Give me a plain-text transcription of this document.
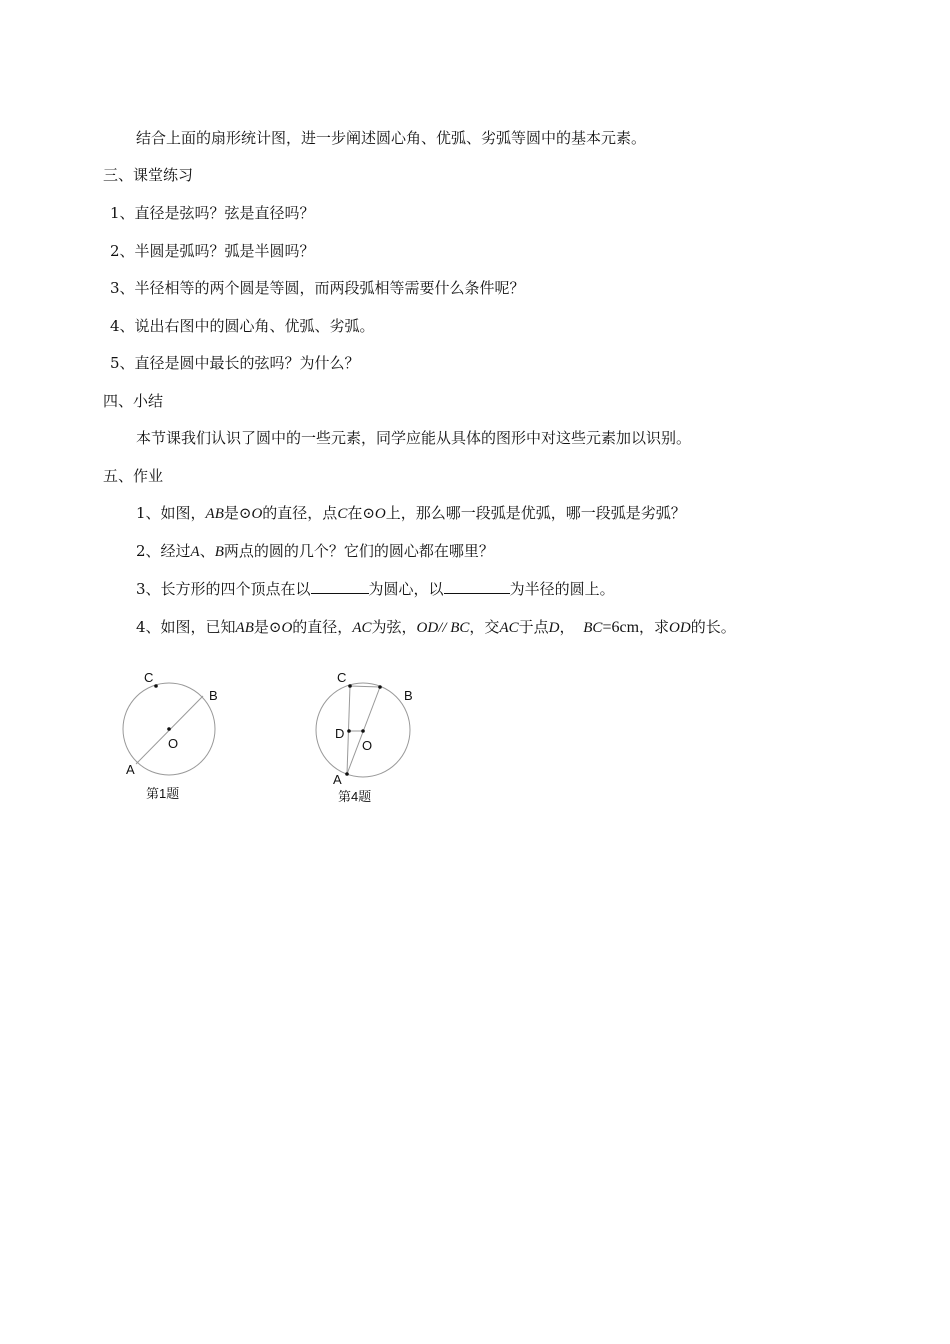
结合上面的扇形统计图，进一步阐述圆心角、优弧、劣弧等圆中的基本元素。
三、课堂练习
1、直径是弦吗？弦是直径吗？
2、半圆是弧吗？弧是半圆吗？
3、半径相等的两个圆是等圆，而两段弧相等需要什么条件呢？
4、说出右图中的圆心角、优弧、劣弧。
5、直径是圆中最长的弦吗？为什么？
四、小结
本节课我们认识了圆中的一些元素，同学应能从具体的图形中对这些元素加以识别。
五、作业
1、如图，AB是⊙O的直径，点C在⊙O上，那么哪一段弧是优弧，哪一段弧是劣弧？
2、经过A、B两点的圆的几个？它们的圆心都在哪里？
3、长方形的四个顶点在以	为圆心，以	为半径的圆上。
4、如图，已知AB是⊙O的直径，AC为弦，OD// BC，交AC于点D， BC=6cm，求OD的长。
C
B
O
A
第1题
C
B
D
O
A
第4题
